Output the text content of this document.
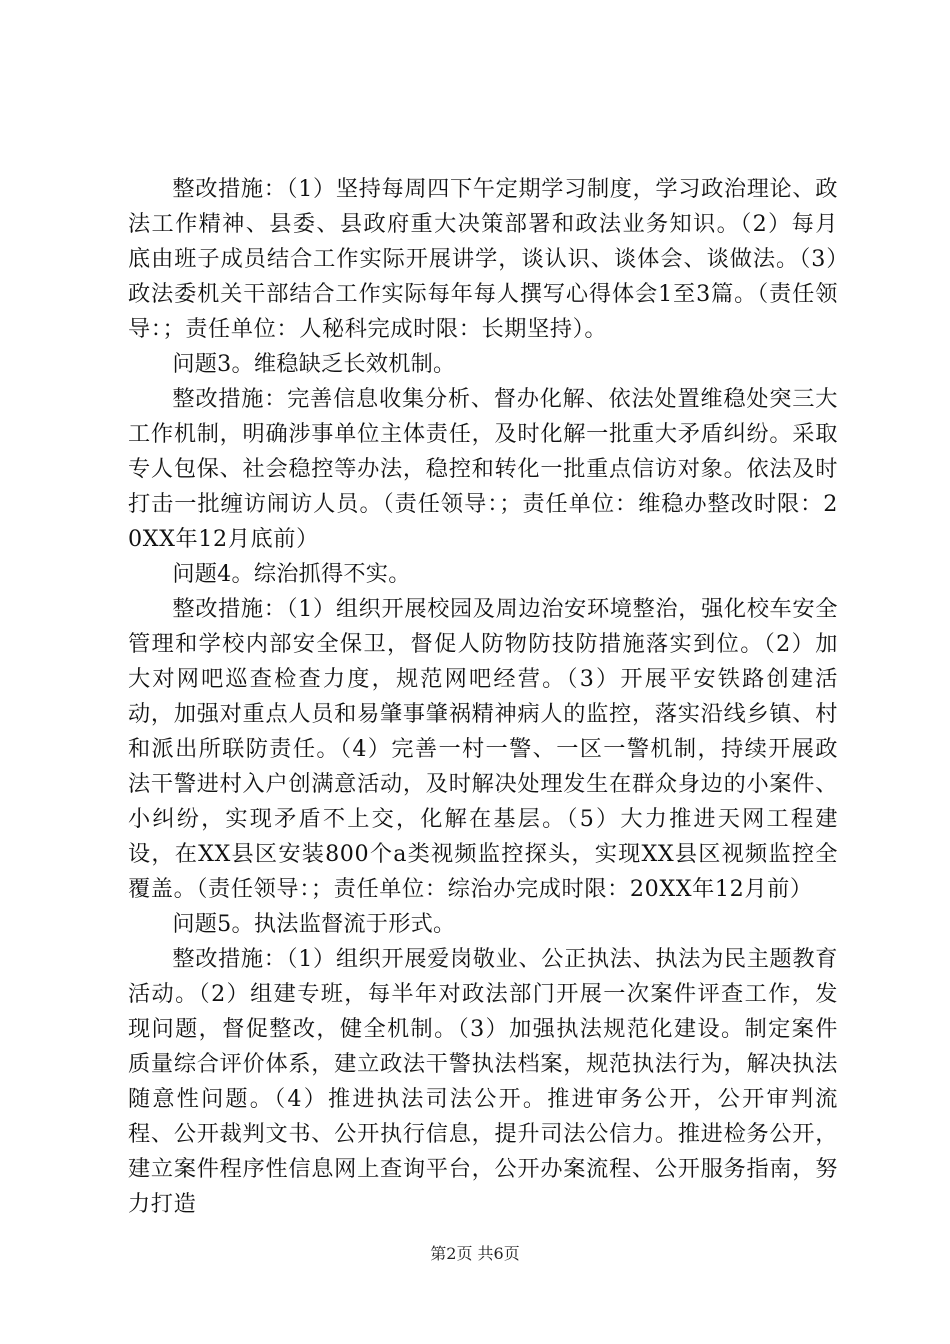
整改措施：（1）坚持每周四下午定期学习制度，学习政治理论、政法工作精神、县委、县政府重大决策部署和政法业务知识。（2）每月底由班子成员结合工作实际开展讲学，谈认识、谈体会、谈做法。（3）政法委机关干部结合工作实际每年每人撰写心得体会1至3篇。（责任领导：；责任单位：人秘科完成时限：长期坚持）。

问题3。维稳缺乏长效机制。

整改措施：完善信息收集分析、督办化解、依法处置维稳处突三大工作机制，明确涉事单位主体责任，及时化解一批重大矛盾纠纷。采取专人包保、社会稳控等办法，稳控和转化一批重点信访对象。依法及时打击一批缠访闹访人员。（责任领导：；责任单位：维稳办整改时限：20XX年12月底前）

问题4。综治抓得不实。

整改措施：（1）组织开展校园及周边治安环境整治，强化校车安全管理和学校内部安全保卫，督促人防物防技防措施落实到位。（2）加大对网吧巡查检查力度，规范网吧经营。（3）开展平安铁路创建活动，加强对重点人员和易肇事肇祸精神病人的监控，落实沿线乡镇、村和派出所联防责任。（4）完善一村一警、一区一警机制，持续开展政法干警进村入户创满意活动，及时解决处理发生在群众身边的小案件、小纠纷，实现矛盾不上交，化解在基层。（5）大力推进天网工程建设，在XX县区安装800个a类视频监控探头，实现XX县区视频监控全覆盖。（责任领导：；责任单位：综治办完成时限：20XX年12月前）

问题5。执法监督流于形式。

整改措施：（1）组织开展爱岗敬业、公正执法、执法为民主题教育活动。（2）组建专班，每半年对政法部门开展一次案件评查工作，发现问题，督促整改，健全机制。（3）加强执法规范化建设。制定案件质量综合评价体系，建立政法干警执法档案，规范执法行为，解决执法随意性问题。（4）推进执法司法公开。推进审务公开，公开审判流程、公开裁判文书、公开执行信息，提升司法公信力。推进检务公开，建立案件程序性信息网上查询平台，公开办案流程、公开服务指南，努力打造

第2页 共6页
